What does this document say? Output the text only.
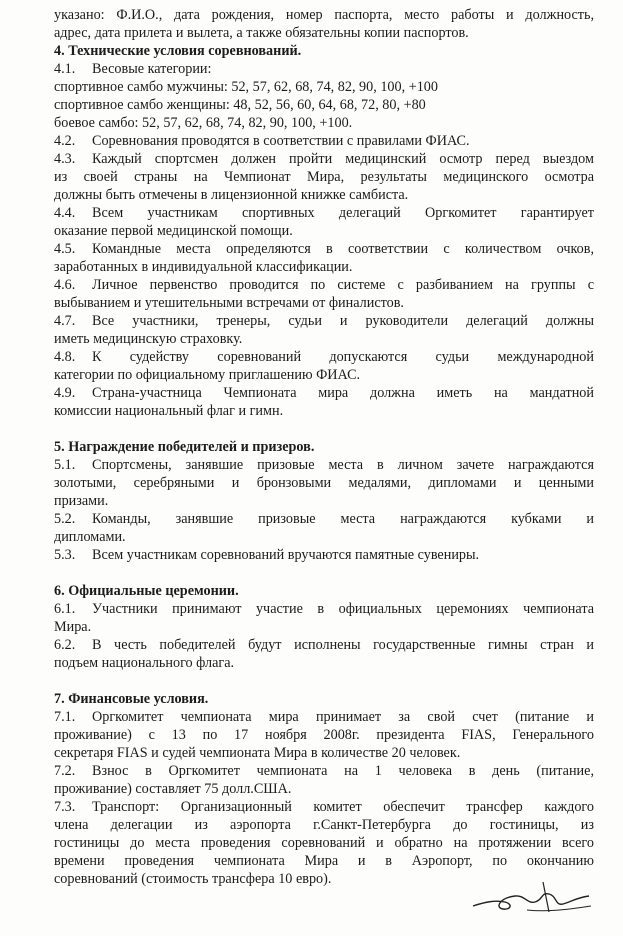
указано: Ф.И.О., дата рождения, номер паспорта, место работы и должность,
адрес, дата прилета и вылета, а также обязательны копии паспортов.
4. Технические условия соревнований.
4.1. Весовые категории:
спортивное самбо мужчины: 52, 57, 62, 68, 74, 82, 90, 100, +100
спортивное самбо женщины: 48, 52, 56, 60, 64, 68, 72, 80, +80
боевое самбо: 52, 57, 62, 68, 74, 82, 90, 100, +100.
4.2. Соревнования проводятся в соответствии с правилами ФИАС.
4.3. Каждый спортсмен должен пройти медицинский осмотр перед выездом
из своей страны на Чемпионат Мира, результаты медицинского осмотра
должны быть отмечены в лицензионной книжке самбиста.
4.4. Всем участникам спортивных делегаций Оргкомитет гарантирует
оказание первой медицинской помощи.
4.5. Командные места определяются в соответствии с количеством очков,
заработанных в индивидуальной классификации.
4.6. Личное первенство проводится по системе с разбиванием на группы с
выбыванием и утешительными встречами от финалистов.
4.7. Все участники, тренеры, судьи и руководители делегаций должны
иметь медицинскую страховку.
4.8. К судейству соревнований допускаются судьи международной
категории по официальному приглашению ФИАС.
4.9. Страна-участница Чемпионата мира должна иметь на мандатной
комиссии национальный флаг и гимн.
5. Награждение победителей и призеров.
5.1. Спортсмены, занявшие призовые места в личном зачете награждаются
золотыми, серебряными и бронзовыми медалями, дипломами и ценными
призами.
5.2. Команды, занявшие призовые места награждаются кубками и
дипломами.
5.3. Всем участникам соревнований вручаются памятные сувениры.
6. Официальные церемонии.
6.1. Участники принимают участие в официальных церемониях чемпионата
Мира.
6.2. В честь победителей будут исполнены государственные гимны стран и
подъем национального флага.
7. Финансовые условия.
7.1. Оргкомитет чемпионата мира принимает за свой счет (питание и
проживание) с 13 по 17 ноября 2008г. президента FIAS, Генерального
секретаря FIAS и судей чемпионата Мира в количестве 20 человек.
7.2. Взнос в Оргкомитет чемпионата на 1 человека в день (питание,
проживание) составляет 75 долл.США.
7.3. Транспорт: Организационный комитет обеспечит трансфер каждого
члена делегации из аэропорта г.Санкт-Петербурга до гостиницы, из
гостиницы до места проведения соревнований и обратно на протяжении всего
времени проведения чемпионата Мира и в Аэропорт, по окончанию
соревнований (стоимость трансфера 10 евро).
